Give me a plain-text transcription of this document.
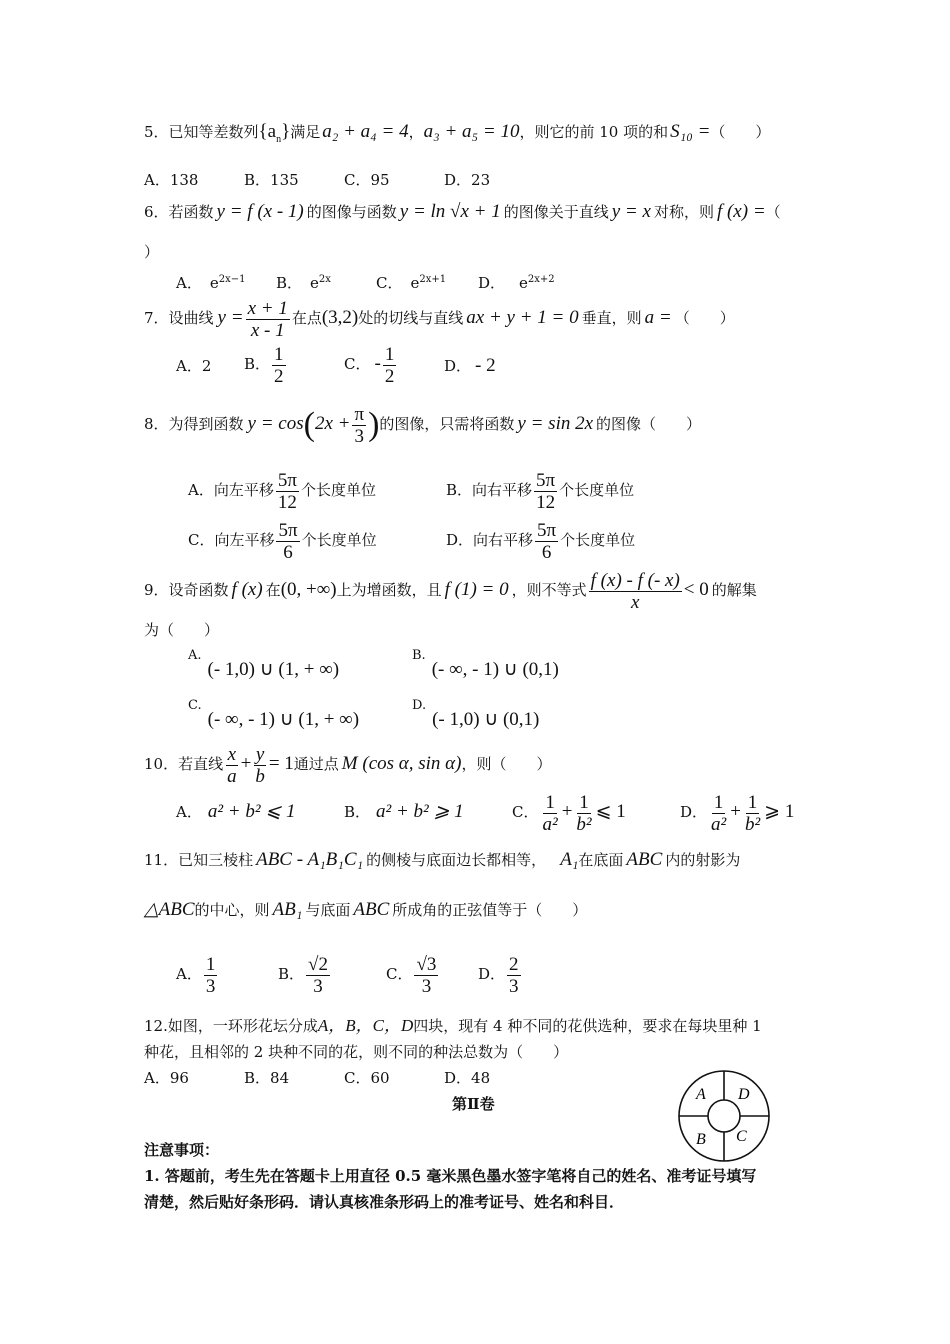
5．已知等差数列$\{a_n\}$满足 a₂ + a₄ = 4，a₃ + a₅ = 10，则它的前 10 项的和 S₁₀ =（　　）
A．138	B．135	C．95	D．23
6．若函数 y = f (x - 1) 的图像与函数 y = ln √x + 1 的图像关于直线 y = x 对称，则 f (x) =（
）
A． $e^{2x-1}$ B． $e^{2x}$	C． $e^{2x+1}$ D． $e^{2x+2}$
7．设曲线 $y = \frac{x + 1}{x - 1}$ 在点(3,2)处的切线与直线 ax + y + 1 = 0 垂直，则 a = （　　）
A．2 B． $\frac{1}{2}$	C． - $\frac{1}{2}$	D． - 2
8．为得到函数 $y = \cos(2x + \frac{\pi}{3}$ )的图像，只需将函数 y = sin 2x 的图像（　　）
A．向左平移 $\frac{5\pi}{12}$ 个长度单位	B．向右平移 $\frac{5\pi}{12}$ 个长度单位
C．向左平移 $\frac{5\pi}{6}$ 个长度单位	D．向右平移 $\frac{5\pi}{6}$ 个长度单位
9．设奇函数 f (x) 在(0, +∞)上为增函数，且 f (1) = 0 ，则不等式 $\frac{f (x) - f (- x)}{x} < 0$ 的解集
为（　　）
A.(- 1,0) ∪ (1, + ∞)
B.(- ∞, - 1) ∪ (0,1)
C.(- ∞, - 1) ∪ (1, + ∞)
D.(- 1,0) ∪ (0,1)
10．若直线 $\frac{x}{a} + \frac{y}{b} = 1$通过点 M (cos α, sin α)，则（　　）
A． a² + b² ⩽ 1	B． a² + b² ⩾ 1	C． $\frac{1}{\text{a²}} + \frac{1}{\text{b²}}$ ⩽ 1	D． $\frac{1}{\text{a²}} + \frac{1}{\text{b²}}$ ⩾ 1
11．已知三棱柱 ABC - A₁B₁C₁ 的侧棱与底面边长都相等， A₁在底面 ABC 内的射影为
△ABC的中心，则 AB₁ 与底面 ABC 所成角的正弦值等于（　　）
A． $\frac{1}{3}$	B． $\frac{√2}{3}$	C． $\frac{√3}{3}$	D． $\frac{2}{3}$
12.如图，一环形花坛分成A，B，C，D四块，现有 4 种不同的花供选种，要求在每块里种 1
种花，且相邻的 2 块种不同的花，则不同的种法总数为（　　）
A．96	B．84	C．60	D．48
A D
B C
第Ⅱ卷
注意事项：
1. 答题前，考生先在答题卡上用直径 0.5 毫米黑色墨水签字笔将自己的姓名、准考证号填写
清楚，然后贴好条形码．请认真核准条形码上的准考证号、姓名和科目．
